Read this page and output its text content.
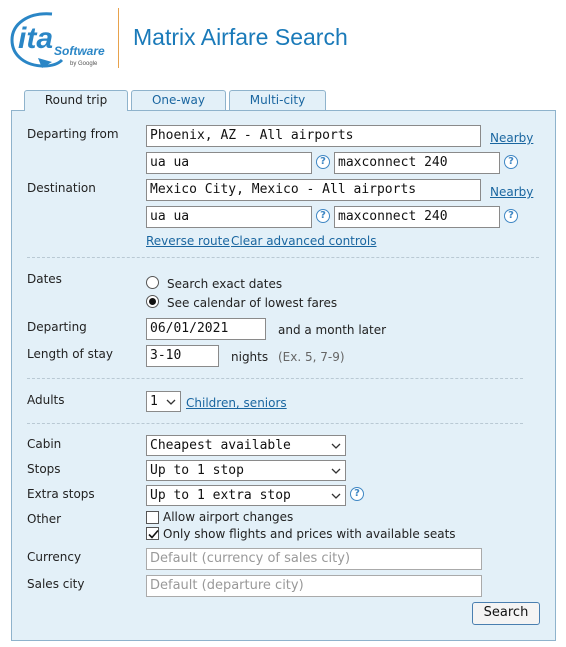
ita Software
by Google
Matrix Airfare Search
Round trip	One-way	Multi-city
Departing from	Phoenix, AZ - All airports	Nearby
ua ua	? maxconnect 240	?
Destination	Mexico City, Mexico - All airports	Nearby
ua ua	? maxconnect 240	?
Reverse route Clear advanced controls
Dates	Search exact dates
See calendar of lowest fares
Departing	06/01/2021	and a month later
Length of stay	3-10	nights (Ex. 5, 7-9)
Adults	1	Children, seniors
Cabin	Cheapest available
Stops	Up to 1 stop
Extra stops	Up to 1 extra stop	?
Other	Allow airport changes
Only show flights and prices with available seats
Currency	Default (currency of sales city)
Sales city	Default (departure city)
Search
